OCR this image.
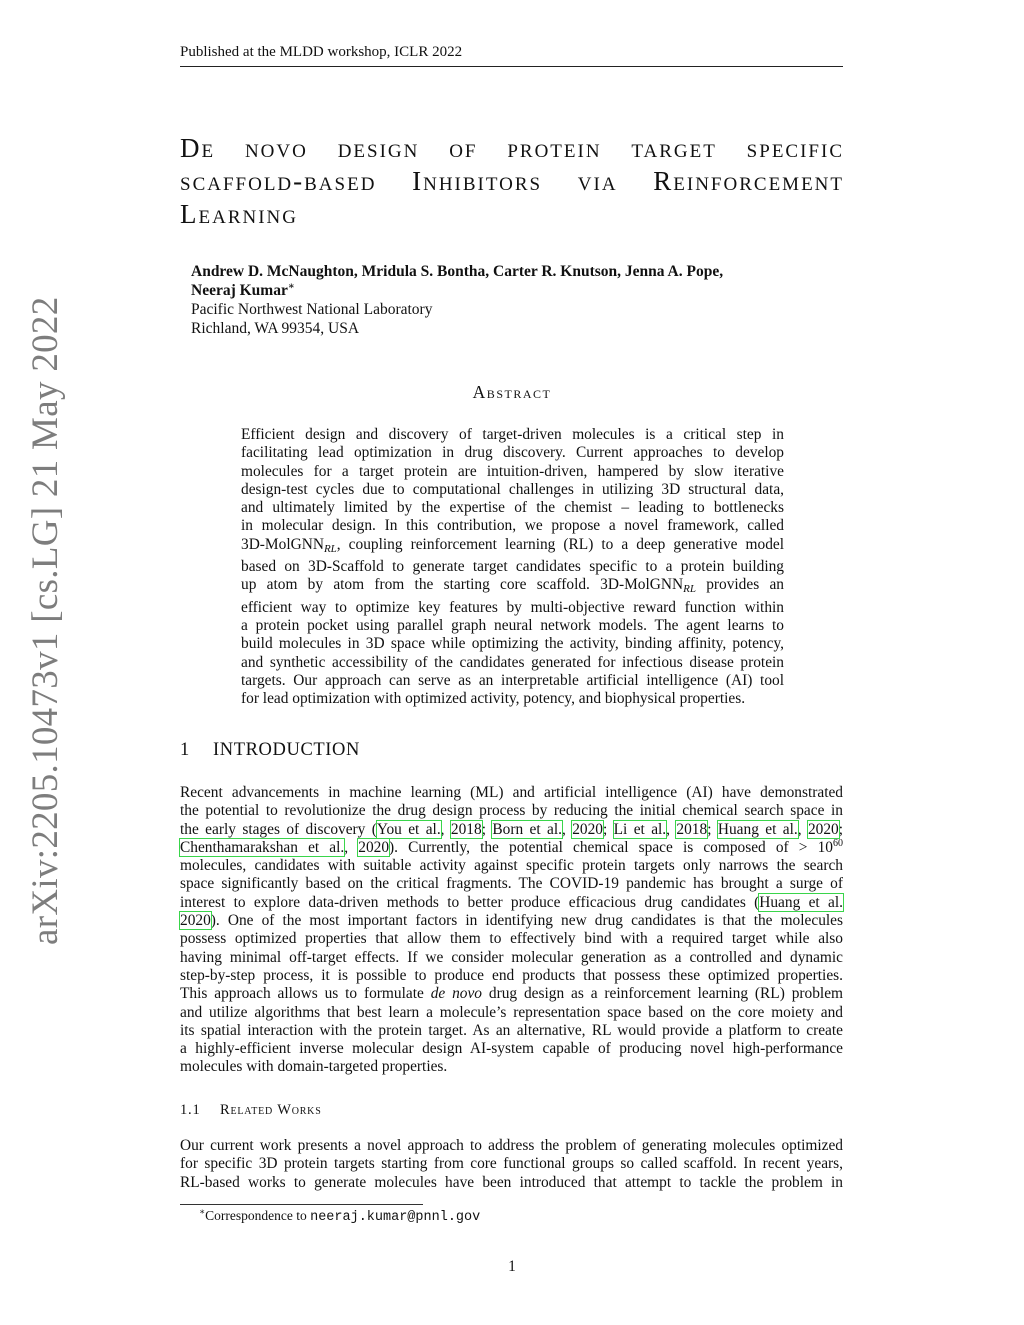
Published at the MLDD workshop, ICLR 2022
arXiv:2205.10473v1 [cs.LG] 21 May 2022
De novo design of protein target specific
scaffold-based Inhibitors via Reinforcement
Learning
Andrew D. McNaughton, Mridula S. Bontha, Carter R. Knutson, Jenna A. Pope,
Neeraj Kumar∗
Pacific Northwest National Laboratory
Richland, WA 99354, USA
Abstract
Efficient design and discovery of target-driven molecules is a critical step in
facilitating lead optimization in drug discovery. Current approaches to develop
molecules for a target protein are intuition-driven, hampered by slow iterative
design-test cycles due to computational challenges in utilizing 3D structural data,
and ultimately limited by the expertise of the chemist – leading to bottlenecks
in molecular design. In this contribution, we propose a novel framework, called
3D-MolGNNRL, coupling reinforcement learning (RL) to a deep generative model
based on 3D-Scaffold to generate target candidates specific to a protein building
up atom by atom from the starting core scaffold. 3D-MolGNNRL provides an
efficient way to optimize key features by multi-objective reward function within
a protein pocket using parallel graph neural network models. The agent learns to
build molecules in 3D space while optimizing the activity, binding affinity, potency,
and synthetic accessibility of the candidates generated for infectious disease protein
targets. Our approach can serve as an interpretable artificial intelligence (AI) tool
for lead optimization with optimized activity, potency, and biophysical properties.
1 INTRODUCTION
Recent advancements in machine learning (ML) and artificial intelligence (AI) have demonstrated
the potential to revolutionize the drug design process by reducing the initial chemical search space in
the early stages of discovery (You et al., 2018; Born et al., 2020; Li et al., 2018; Huang et al., 2020;
Chenthamarakshan et al., 2020). Currently, the potential chemical space is composed of > $10^{60}$
molecules, candidates with suitable activity against specific protein targets only narrows the search
space significantly based on the critical fragments. The COVID-19 pandemic has brought a surge of
interest to explore data-driven methods to better produce efficacious drug candidates (Huang et al.
2020). One of the most important factors in identifying new drug candidates is that the molecules
possess optimized properties that allow them to effectively bind with a required target while also
having minimal off-target effects. If we consider molecular generation as a controlled and dynamic
step-by-step process, it is possible to produce end products that possess these optimized properties.
This approach allows us to formulate de novo drug design as a reinforcement learning (RL) problem
and utilize algorithms that best learn a molecule’s representation space based on the core moiety and
its spatial interaction with the protein target. As an alternative, RL would provide a platform to create
a highly-efficient inverse molecular design AI-system capable of producing novel high-performance
molecules with domain-targeted properties.
1.1 Related Works
Our current work presents a novel approach to address the problem of generating molecules optimized
for specific 3D protein targets starting from core functional groups so called scaffold. In recent years,
RL-based works to generate molecules have been introduced that attempt to tackle the problem in
∗Correspondence to neeraj.kumar@pnnl.gov
1
